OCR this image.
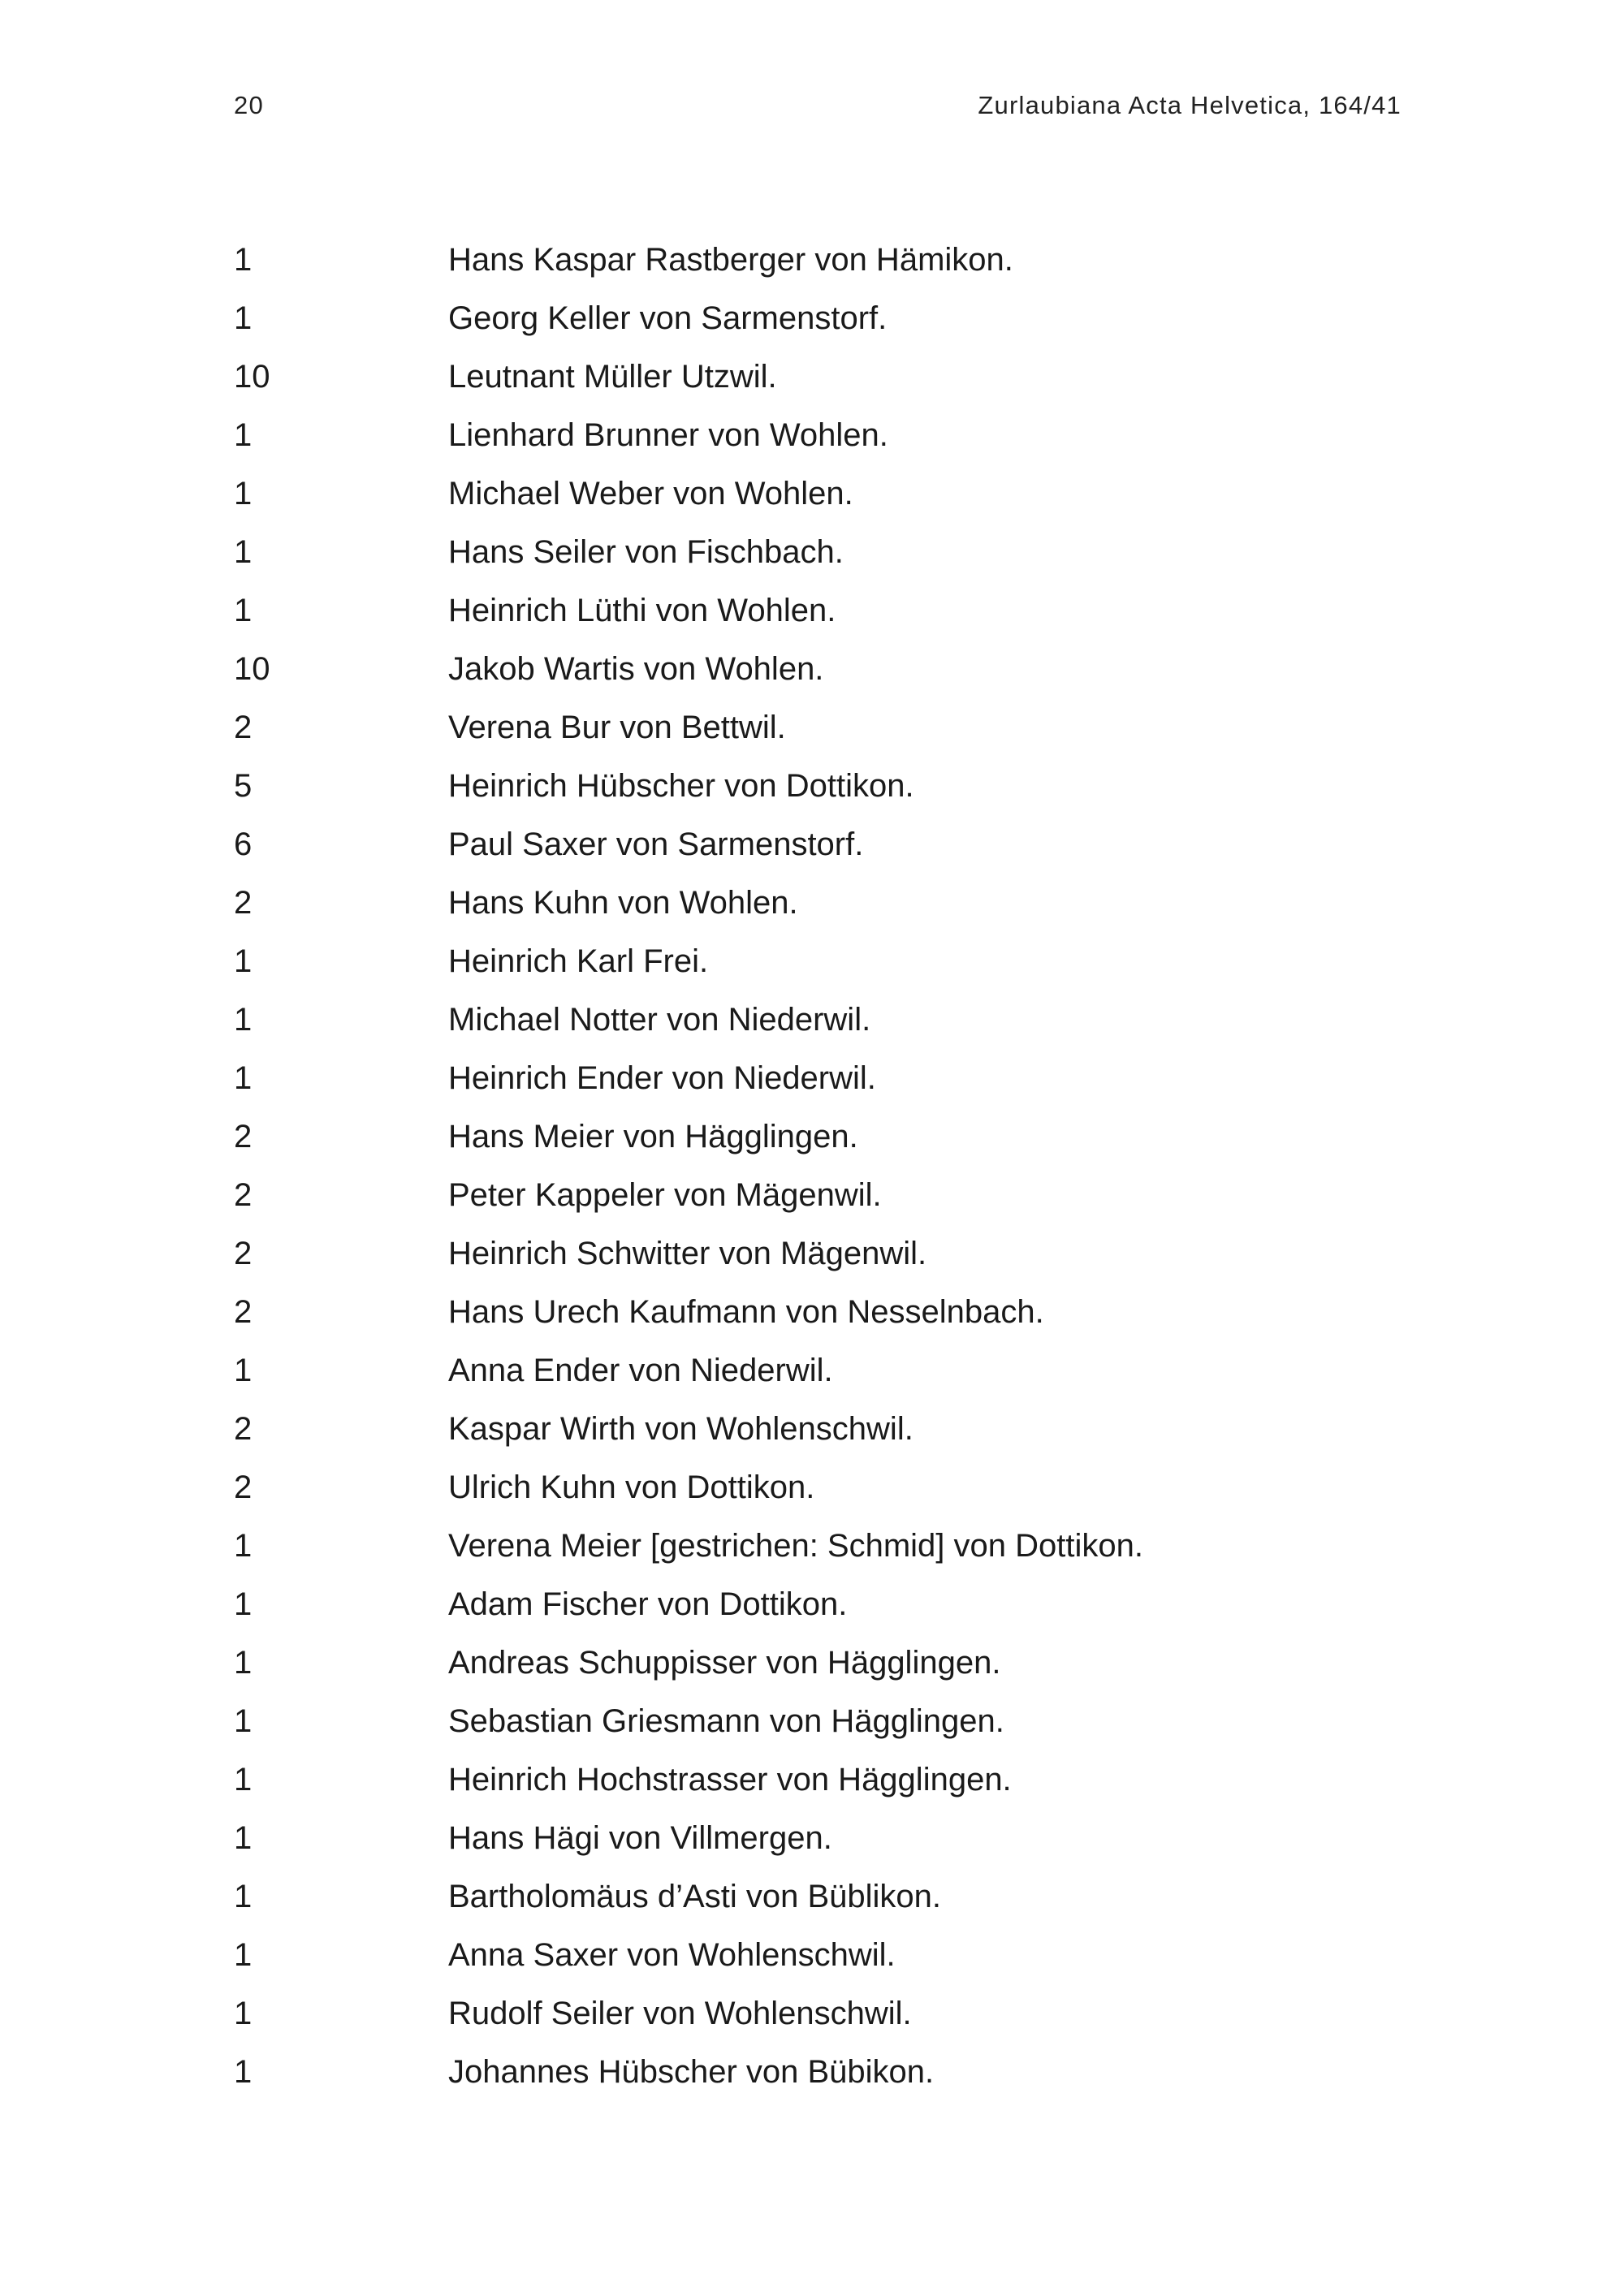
20	Zurlaubiana Acta Helvetica, 164/41
1	Hans Kaspar Rastberger von Hämikon.
1	Georg Keller von Sarmenstorf.
10	Leutnant Müller Utzwil.
1	Lienhard Brunner von Wohlen.
1	Michael Weber von Wohlen.
1	Hans Seiler von Fischbach.
1	Heinrich Lüthi von Wohlen.
10	Jakob Wartis von Wohlen.
2	Verena Bur von Bettwil.
5	Heinrich Hübscher von Dottikon.
6	Paul Saxer von Sarmenstorf.
2	Hans Kuhn von Wohlen.
1	Heinrich Karl Frei.
1	Michael Notter von Niederwil.
1	Heinrich Ender von Niederwil.
2	Hans Meier von Hägglingen.
2	Peter Kappeler von Mägenwil.
2	Heinrich Schwitter von Mägenwil.
2	Hans Urech Kaufmann von Nesselnbach.
1	Anna Ender von Niederwil.
2	Kaspar Wirth von Wohlenschwil.
2	Ulrich Kuhn von Dottikon.
1	Verena Meier [gestrichen: Schmid] von Dottikon.
1	Adam Fischer von Dottikon.
1	Andreas Schuppisser von Hägglingen.
1	Sebastian Griesmann von Hägglingen.
1	Heinrich Hochstrasser von Hägglingen.
1	Hans Hägi von Villmergen.
1	Bartholomäus d’Asti von Büblikon.
1	Anna Saxer von Wohlenschwil.
1	Rudolf Seiler von Wohlenschwil.
1	Johannes Hübscher von Bübikon.
